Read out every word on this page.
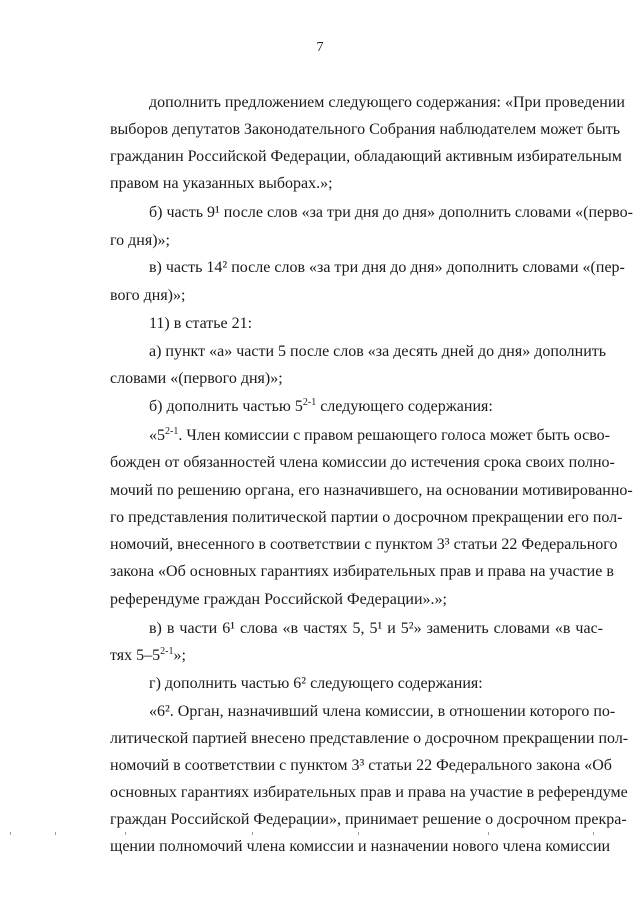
7
дополнить предложением следующего содержания: «При проведении
выборов депутатов Законодательного Собрания наблюдателем может быть
гражданин Российской Федерации, обладающий активным избирательным
правом на указанных выборах.»;
б) часть 9¹ после слов «за три дня до дня» дополнить словами «(перво-
го дня)»;
в) часть 14² после слов «за три дня до дня» дополнить словами «(пер-
вого дня)»;
11) в статье 21:
а) пункт «а» части 5 после слов «за десять дней до дня» дополнить
словами «(первого дня)»;
б) дополнить частью 5$^{2-1}$ следующего содержания:
«5$^{2-1}$. Член комиссии с правом решающего голоса может быть осво-
божден от обязанностей члена комиссии до истечения срока своих полно-
мочий по решению органа, его назначившего, на основании мотивированно-
го представления политической партии о досрочном прекращении его пол-
номочий, внесенного в соответствии с пунктом 3³ статьи 22 Федерального
закона «Об основных гарантиях избирательных прав и права на участие в
референдуме граждан Российской Федерации».»;
в) в части 6¹ слова «в частях 5, 5¹ и 5²» заменить словами «в час-
тях 5–5$^{2-1}$»;
г) дополнить частью 6² следующего содержания:
«6². Орган, назначивший члена комиссии, в отношении которого по-
литической партией внесено представление о досрочном прекращении пол-
номочий в соответствии с пунктом 3³ статьи 22 Федерального закона «Об
основных гарантиях избирательных прав и права на участие в референдуме
граждан Российской Федерации», принимает решение о досрочном прекра-
щении полномочий члена комиссии и назначении нового члена комиссии
